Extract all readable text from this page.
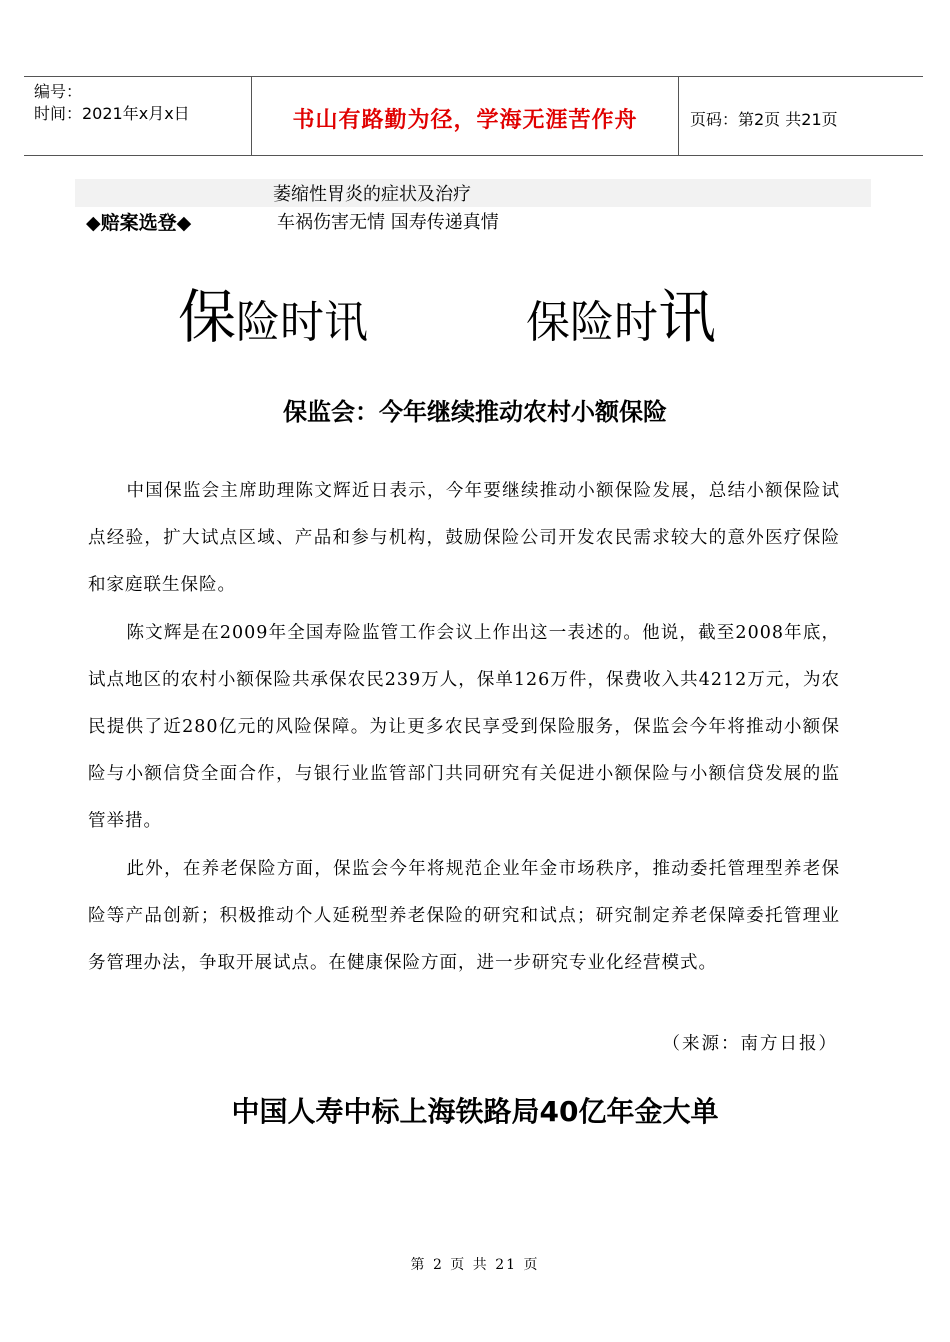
编号：
时间：2021年x月x日	书山有路勤为径，学海无涯苦作舟	页码：第2页 共21页
萎缩性胃炎的症状及治疗
◆赔案选登◆	车祸伤害无情 国寿传递真情
保险时讯	保险时讯
保监会：今年继续推动农村小额保险

中国保监会主席助理陈文辉近日表示，今年要继续推动小额保险发展，总结小额保险试点经验，扩大试点区域、产品和参与机构，鼓励保险公司开发农民需求较大的意外医疗保险和家庭联生保险。

陈文辉是在2009年全国寿险监管工作会议上作出这一表述的。他说，截至2008年底，试点地区的农村小额保险共承保农民239万人，保单126万件，保费收入共4212万元，为农民提供了近280亿元的风险保障。为让更多农民享受到保险服务，保监会今年将推动小额保险与小额信贷全面合作，与银行业监管部门共同研究有关促进小额保险与小额信贷发展的监管举措。

此外，在养老保险方面，保监会今年将规范企业年金市场秩序，推动委托管理型养老保险等产品创新；积极推动个人延税型养老保险的研究和试点；研究制定养老保障委托管理业务管理办法，争取开展试点。在健康保险方面，进一步研究专业化经营模式。

（来源：南方日报）
中国人寿中标上海铁路局40亿年金大单
第 2 页 共 21 页
